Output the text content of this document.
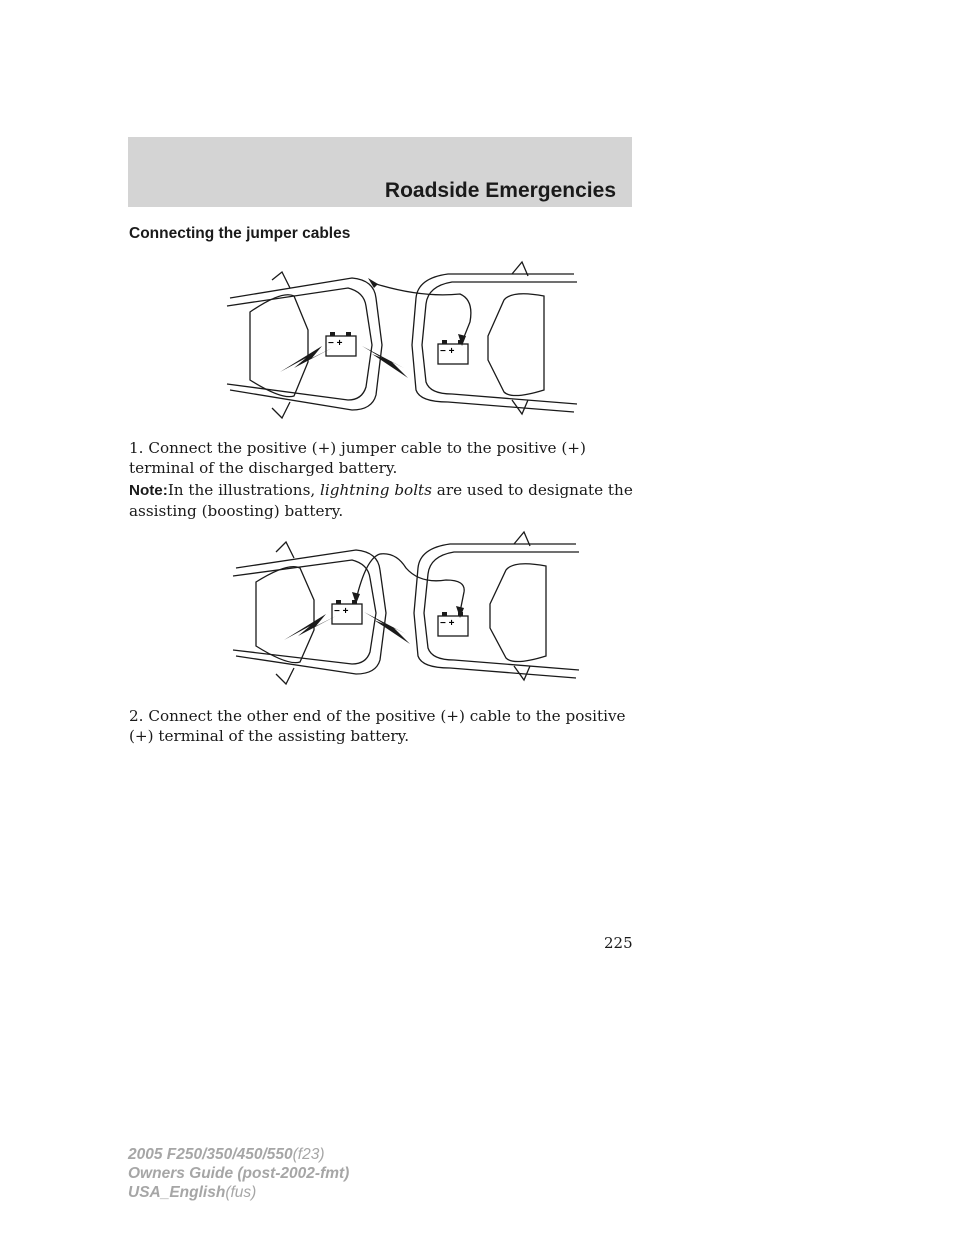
Roadside Emergencies
Connecting the jumper cables
− +
− +
1. Connect the positive (+) jumper cable to the positive (+) terminal of the discharged battery.
Note:In the illustrations, lightning bolts are used to designate the assisting (boosting) battery.
− +
− +
2. Connect the other end of the positive (+) cable to the positive (+) terminal of the assisting battery.
225
2005 F250/350/450/550(f23)
Owners Guide (post-2002-fmt)
USA_English(fus)
